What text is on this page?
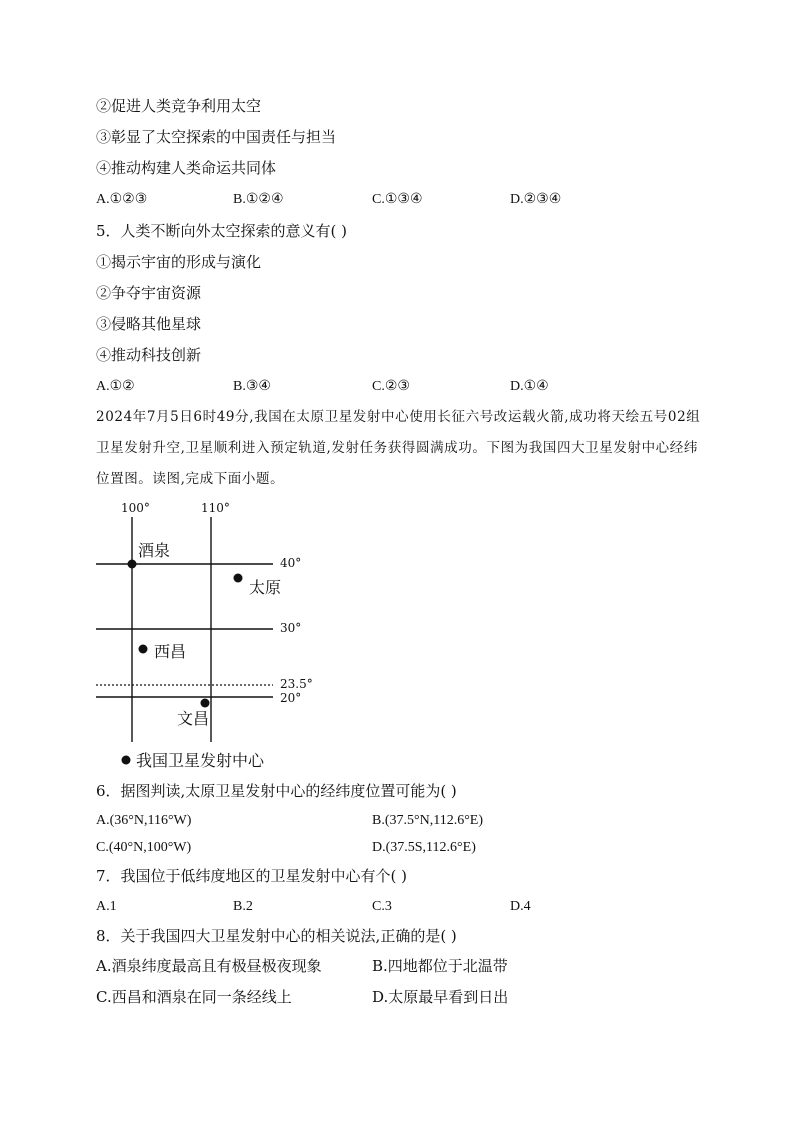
②促进人类竞争利用太空
③彰显了太空探索的中国责任与担当
④推动构建人类命运共同体
A.①②③	B.①②④	C.①③④	D.②③④
5．人类不断向外太空探索的意义有( )
①揭示宇宙的形成与演化
②争夺宇宙资源
③侵略其他星球
④推动科技创新
A.①②	B.③④	C.②③	D.①④
2024年7月5日6时49分,我国在太原卫星发射中心使用长征六号改运载火箭,成功将天绘五号02组卫星发射升空,卫星顺利进入预定轨道,发射任务获得圆满成功。下图为我国四大卫星发射中心经纬位置图。读图,完成下面小题。
100°	110°
40°
30°
23.5°
20°
酒泉
太原
西昌
文昌
我国卫星发射中心
6．据图判读,太原卫星发射中心的经纬度位置可能为( )
A.(36°N,116°W)	B.(37.5°N,112.6°E)
C.(40°N,100°W)	D.(37.5S,112.6°E)
7．我国位于低纬度地区的卫星发射中心有个( )
A.1	B.2	C.3	D.4
8．关于我国四大卫星发射中心的相关说法,正确的是( )
A.酒泉纬度最高且有极昼极夜现象	B.四地都位于北温带
C.西昌和酒泉在同一条经线上	D.太原最早看到日出
